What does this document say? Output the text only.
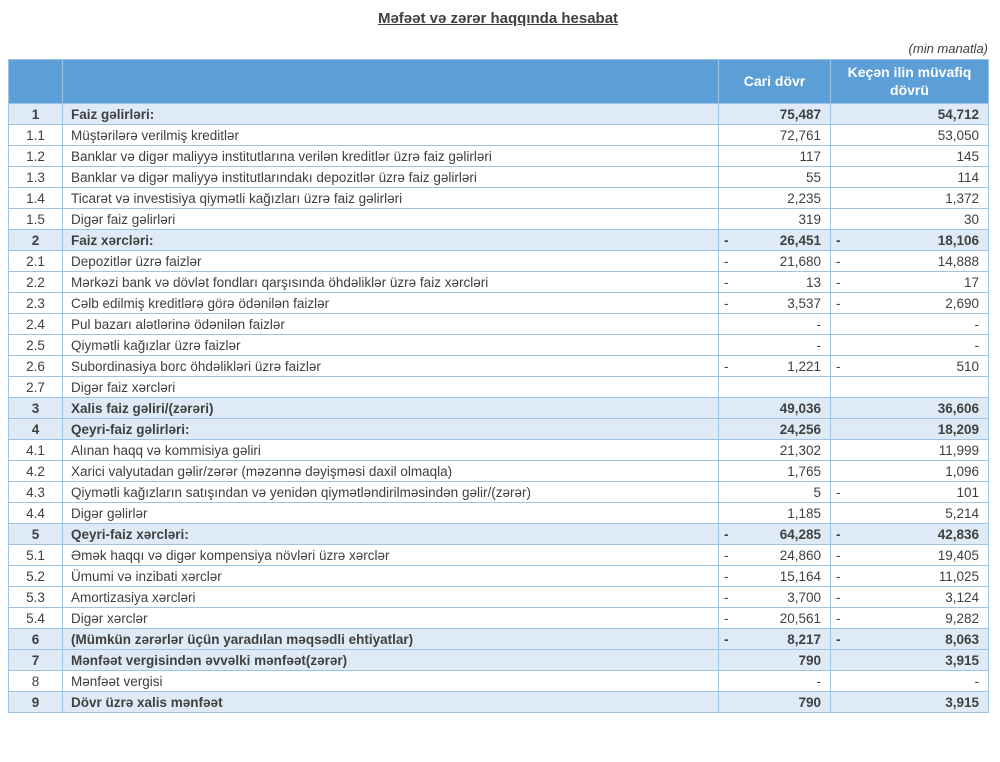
Məfəət və zərər haqqında hesabat
(min manatla)
		Cari dövr	Keçən ilin müvafiq dövrü
1	Faiz gəlirləri:	75,487	54,712

1.1	Müştərilərə verilmiş kreditlər	72,761	53,050

1.2	Banklar və digər maliyyə institutlarına verilən kreditlər üzrə faiz gəlirləri	117	145

1.3	Banklar və digər maliyyə institutlarındakı depozitlər üzrə faiz gəlirləri	55	114

1.4	Ticarət və investisiya qiymətli kağızları üzrə faiz gəlirləri	2,235	1,372

1.5	Digər faiz gəlirləri	319	30

2	Faiz xərcləri:	- 26,451	- 18,106

2.1	Depozitlər üzrə faizlər	- 21,680	- 14,888

2.2	Mərkəzi bank və dövlət fondları qarşısında öhdəliklər üzrə faiz xərcləri	- 13	- 17

2.3	Cəlb edilmiş kreditlərə görə ödənilən faizlər	- 3,537	- 2,690

2.4	Pul bazarı alətlərinə ödənilən faizlər	-	-

2.5	Qiymətli kağızlar üzrə faizlər	-	-

2.6	Subordinasiya borc öhdəlikləri üzrə faizlər	- 1,221	- 510

2.7	Digər faiz xərcləri	

3	Xalis faiz gəliri/(zərəri)	49,036	36,606

4	Qeyri-faiz gəlirləri:	24,256	18,209

4.1	Alınan haqq və kommisiya gəliri	21,302	11,999

4.2	Xarici valyutadan gəlir/zərər (məzənnə dəyişməsi daxil olmaqla)	1,765	1,096

4.3	Qiymətli kağızların satışından və yenidən qiymətləndirilməsindən gəlir/(zərər)	5	- 101

4.4	Digər gəlirlər	1,185	5,214

5	Qeyri-faiz xərcləri:	- 64,285	- 42,836

5.1	Əmək haqqı və digər kompensiya növləri üzrə xərclər	- 24,860	- 19,405

5.2	Ümumi və inzibati xərclər	- 15,164	- 11,025

5.3	Amortizasiya xərcləri	- 3,700	- 3,124

5.4	Digər xərclər	- 20,561	- 9,282

6	(Mümkün zərərlər üçün yaradılan məqsədli ehtiyatlar)	- 8,217	- 8,063

7	Mənfəət vergisindən əvvəlki mənfəət(zərər)	790	3,915

8	Mənfəət vergisi	-	-

9	Dövr üzrə xalis mənfəət	790	3,915
